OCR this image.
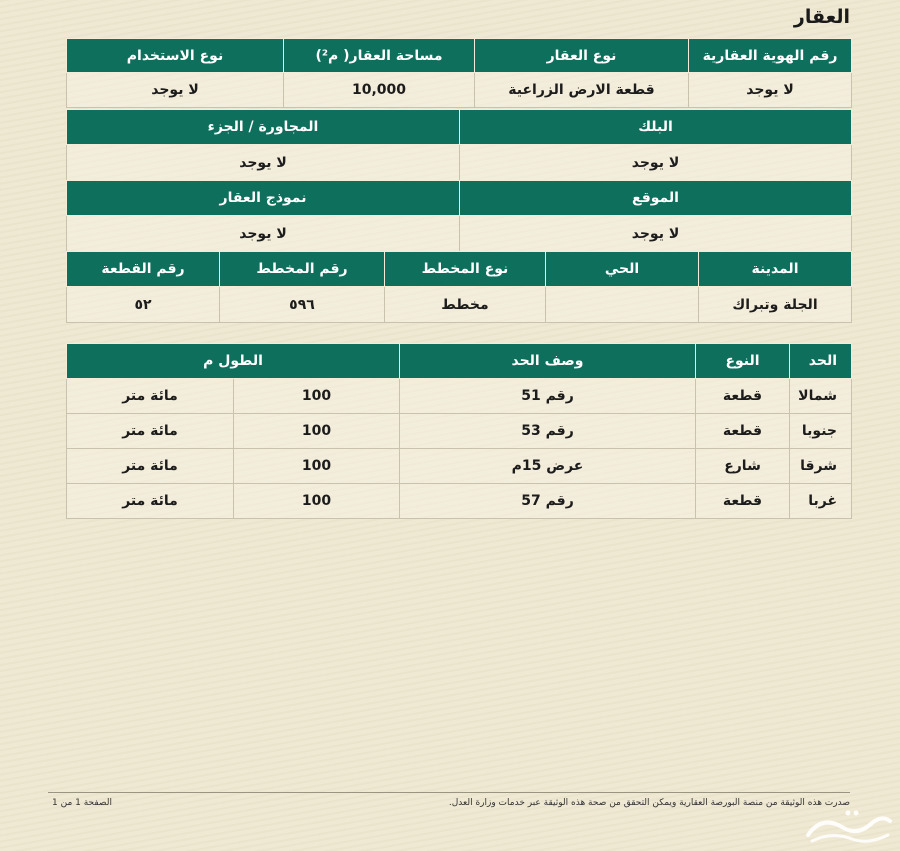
العقار
رقم الهوية العقارية	نوع العقار	مساحة العقار( م²)	نوع الاستخدام
لا يوجد	قطعة الارض الزراعية	10,000	لا يوجد
البلك	المجاورة / الجزء
لا يوجد	لا يوجد
الموقع	نموذج العقار
لا يوجد	لا يوجد
المدينة	الحي	نوع المخطط	رقم المخطط	رقم القطعة
الجلة وتبراك		مخطط	٥٩٦	٥٢
الحد	النوع	وصف الحد	الطول م	
شمالا	قطعة	رقم 51	100	مائة متر
جنوبا	قطعة	رقم 53	100	مائة متر
شرقا	شارع	عرض 15م	100	مائة متر
غربا	قطعة	رقم 57	100	مائة متر
صدرت هذه الوثيقة من منصة البورصة العقارية ويمكن التحقق من صحة هذه الوثيقة عبر خدمات وزارة العدل.
الصفحة 1 من 1
